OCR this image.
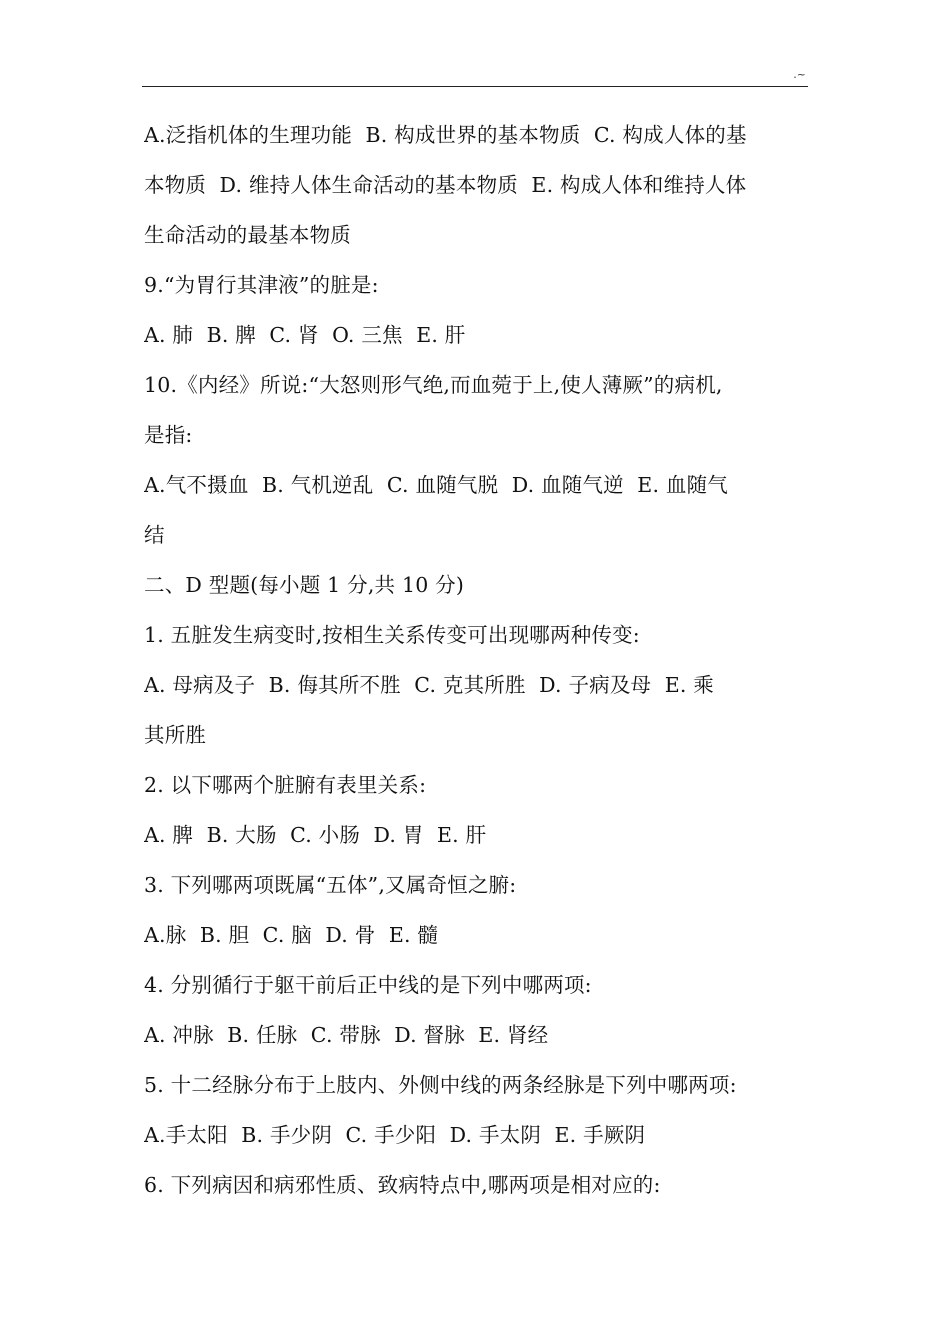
.~
A.泛指机体的生理功能  B. 构成世界的基本物质  C. 构成人体的基
本物质  D. 维持人体生命活动的基本物质  E. 构成人体和维持人体
生命活动的最基本物质
9.“为胃行其津液”的脏是:
A. 肺  B. 脾  C. 肾  O. 三焦  E. 肝
10.《内经》所说:“大怒则形气绝,而血菀于上,使人薄厥”的病机,
是指:
A.气不摄血  B. 气机逆乱  C. 血随气脱  D. 血随气逆  E. 血随气
结
二、D 型题(每小题 1 分,共 10 分)
1. 五脏发生病变时,按相生关系传变可出现哪两种传变:
A. 母病及子  B. 侮其所不胜  C. 克其所胜  D. 子病及母  E. 乘
其所胜
2. 以下哪两个脏腑有表里关系:
A. 脾  B. 大肠  C. 小肠  D. 胃  E. 肝
3. 下列哪两项既属“五体”,又属奇恒之腑:
A.脉  B. 胆  C. 脑  D. 骨  E. 髓
4. 分别循行于躯干前后正中线的是下列中哪两项:
A. 冲脉  B. 任脉  C. 带脉  D. 督脉  E. 肾经
5. 十二经脉分布于上肢内、外侧中线的两条经脉是下列中哪两项:
A.手太阳  B. 手少阴  C. 手少阳  D. 手太阴  E. 手厥阴
6. 下列病因和病邪性质、致病特点中,哪两项是相对应的:
